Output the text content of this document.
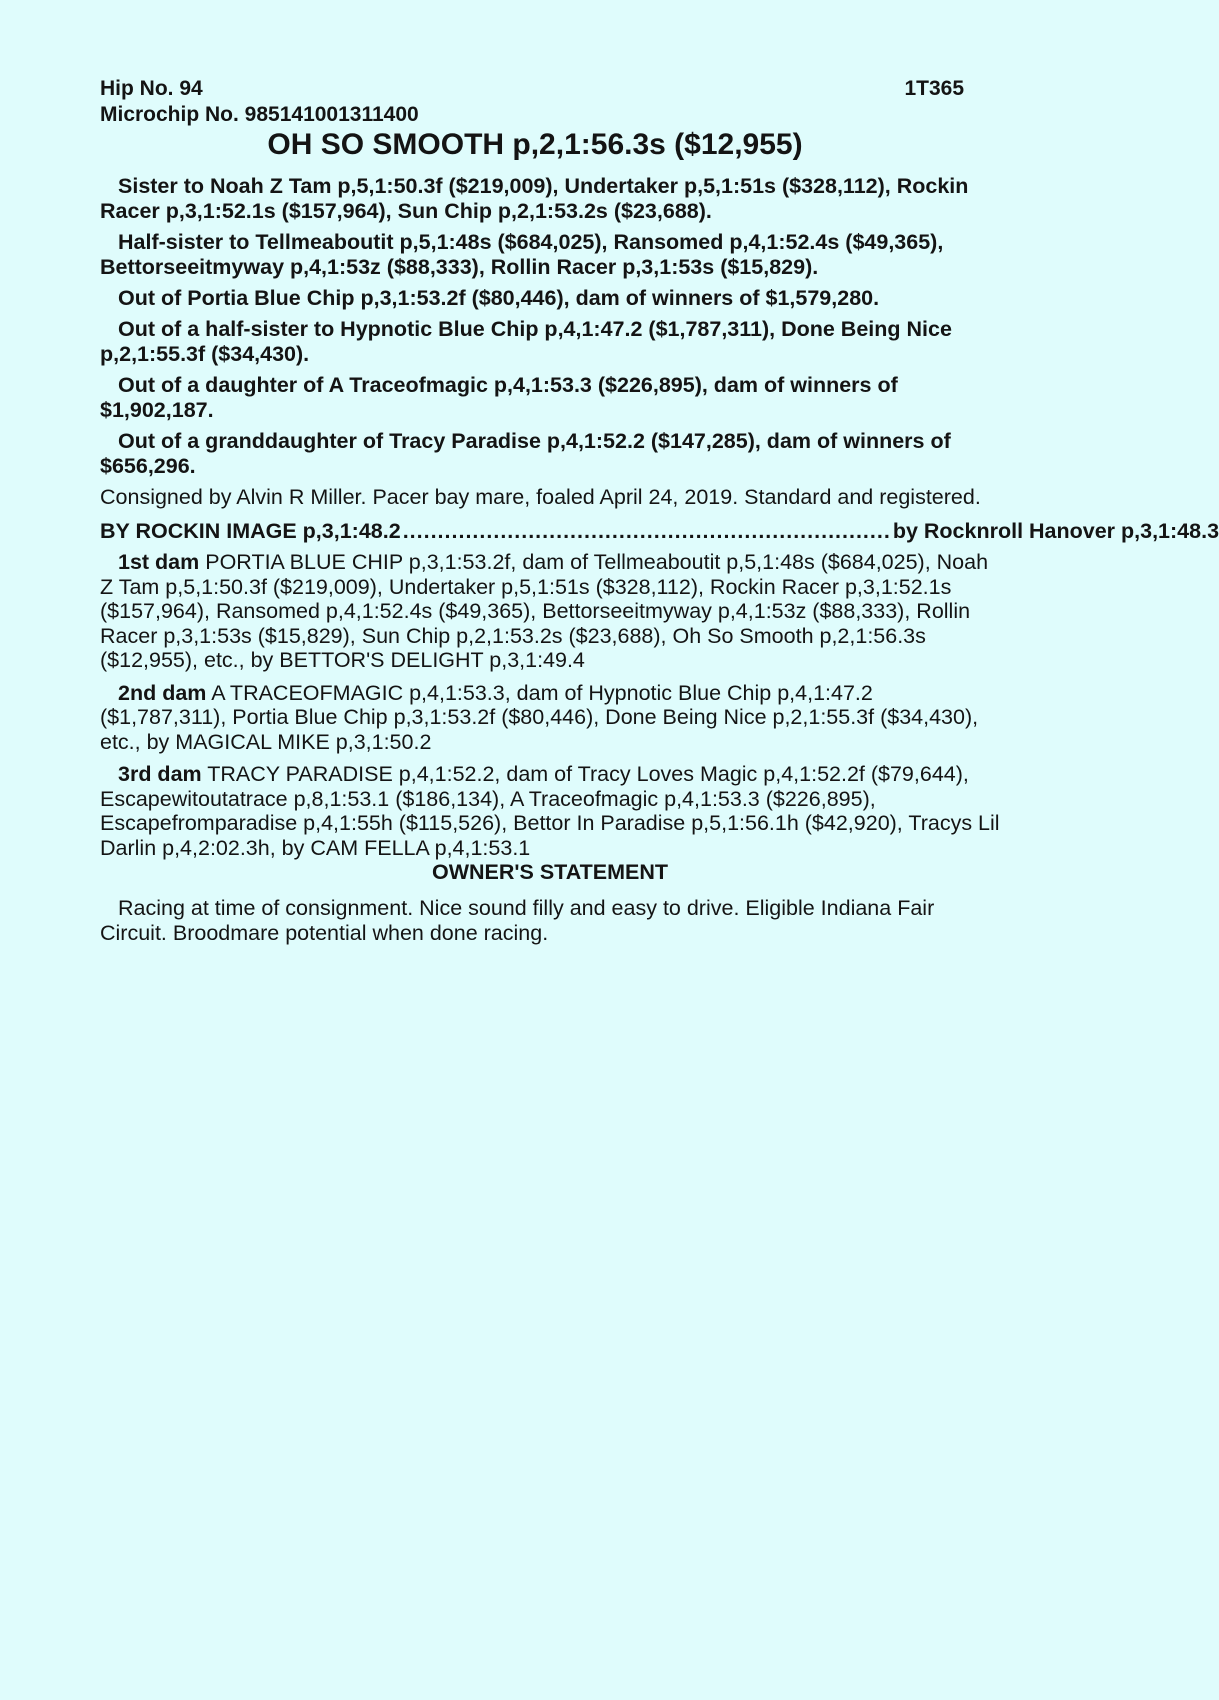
Hip No. 94	1T365
Microchip No. 985141001311400
OH SO SMOOTH p,2,1:56.3s ($12,955)

Sister to Noah Z Tam p,5,1:50.3f ($219,009), Undertaker p,5,1:51s ($328,112), Rockin Racer p,3,1:52.1s ($157,964), Sun Chip p,2,1:53.2s ($23,688).

Half-sister to Tellmeaboutit p,5,1:48s ($684,025), Ransomed p,4,1:52.4s ($49,365), Bettorseeitmyway p,4,1:53z ($88,333), Rollin Racer p,3,1:53s ($15,829).

Out of Portia Blue Chip p,3,1:53.2f ($80,446), dam of winners of $1,579,280.

Out of a half-sister to Hypnotic Blue Chip p,4,1:47.2 ($1,787,311), Done Being Nice p,2,1:55.3f ($34,430).

Out of a daughter of A Traceofmagic p,4,1:53.3 ($226,895), dam of winners of $1,902,187.

Out of a granddaughter of Tracy Paradise p,4,1:52.2 ($147,285), dam of winners of $656,296.

Consigned by Alvin R Miller. Pacer bay mare, foaled April 24, 2019. Standard and registered.

BY ROCKIN IMAGE p,3,1:48.2 ...................................................................... by Rocknroll Hanover p,3,1:48.3

1st dam PORTIA BLUE CHIP p,3,1:53.2f, dam of Tellmeaboutit p,5,1:48s ($684,025), Noah Z Tam p,5,1:50.3f ($219,009), Undertaker p,5,1:51s ($328,112), Rockin Racer p,3,1:52.1s ($157,964), Ransomed p,4,1:52.4s ($49,365), Bettorseeitmyway p,4,1:53z ($88,333), Rollin Racer p,3,1:53s ($15,829), Sun Chip p,2,1:53.2s ($23,688), Oh So Smooth p,2,1:56.3s ($12,955), etc., by BETTOR'S DELIGHT p,3,1:49.4

2nd dam A TRACEOFMAGIC p,4,1:53.3, dam of Hypnotic Blue Chip p,4,1:47.2 ($1,787,311), Portia Blue Chip p,3,1:53.2f ($80,446), Done Being Nice p,2,1:55.3f ($34,430), etc., by MAGICAL MIKE p,3,1:50.2

3rd dam TRACY PARADISE p,4,1:52.2, dam of Tracy Loves Magic p,4,1:52.2f ($79,644), Escapewitoutatrace p,8,1:53.1 ($186,134), A Traceofmagic p,4,1:53.3 ($226,895), Escapefromparadise p,4,1:55h ($115,526), Bettor In Paradise p,5,1:56.1h ($42,920), Tracys Lil Darlin p,4,2:02.3h, by CAM FELLA p,4,1:53.1

OWNER'S STATEMENT

Racing at time of consignment. Nice sound filly and easy to drive. Eligible Indiana Fair Circuit. Broodmare potential when done racing.
